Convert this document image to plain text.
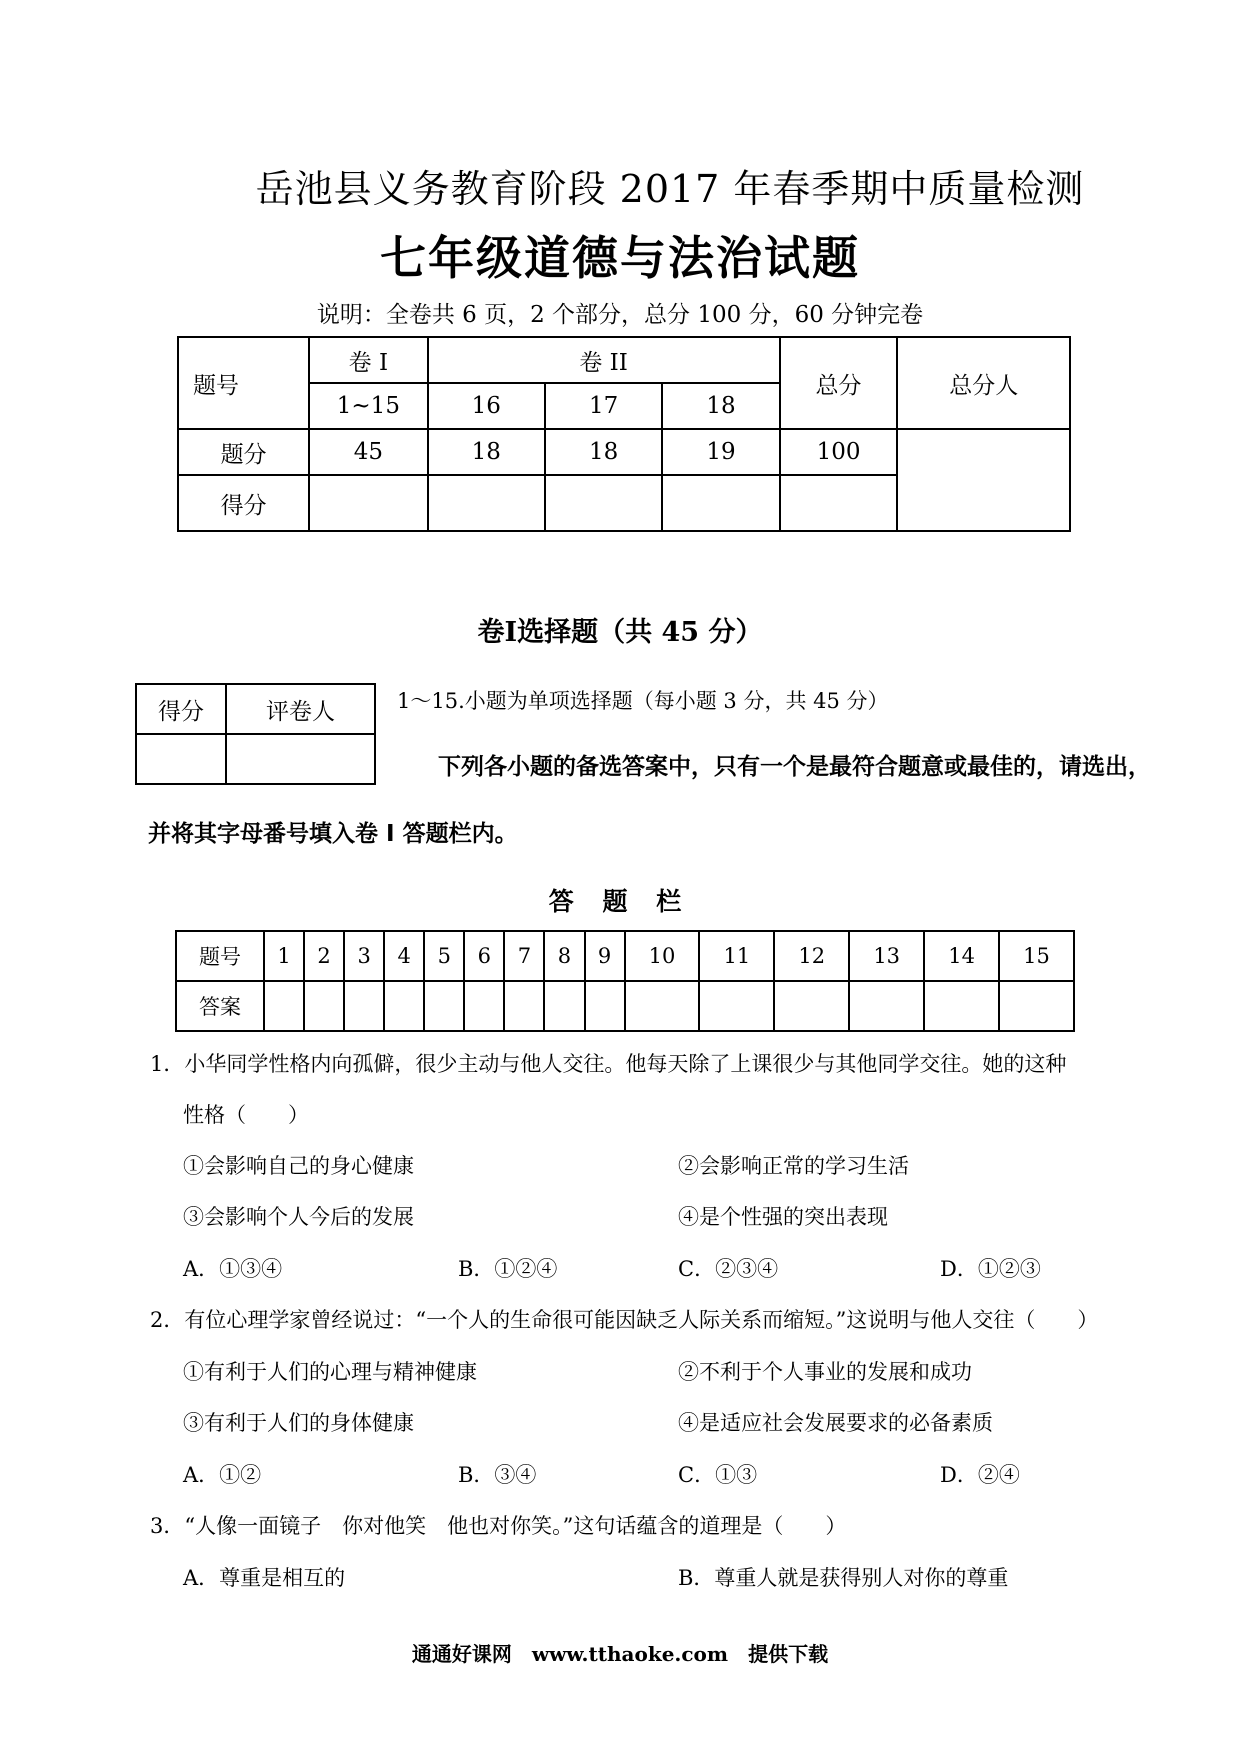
岳池县义务教育阶段 2017 年春季期中质量检测
七年级道德与法治试题
说明：全卷共 6 页，2 个部分，总分 100 分，60 分钟完卷
题号	卷 I	卷 II			总分	总分人
	1~15	16	17	18		
题分	45	18	18	19	100	
得分						
卷I选择题（共 45 分）
得分	评卷人
		1～15.小题为单项选择题（每小题 3 分，共 45 分）
下列各小题的备选答案中，只有一个是最符合题意或最佳的，请选出，
并将其字母番号填入卷 I 答题栏内。
答 题 栏
题号	1	2	3	4	5	6	7	8	9	10	11	12	13	14	15
答案															
1．小华同学性格内向孤僻，很少主动与他人交往。他每天除了上课很少与其他同学交往。她的这种
性格（　　）
①会影响自己的身心健康	②会影响正常的学习生活
③会影响个人今后的发展	④是个性强的突出表现
A．①③④	B．①②④	C．②③④	D．①②③
2．有位心理学家曾经说过：“一个人的生命很可能因缺乏人际关系而缩短。”这说明与他人交往（　　）
①有利于人们的心理与精神健康	②不利于个人事业的发展和成功
③有利于人们的身体健康	④是适应社会发展要求的必备素质
A．①②	B．③④	C．①③	D．②④
3．“人像一面镜子　你对他笑　他也对你笑。”这句话蕴含的道理是（　　）
A．尊重是相互的	B．尊重人就是获得别人对你的尊重
通通好课网　www.tthaoke.com　提供下载
